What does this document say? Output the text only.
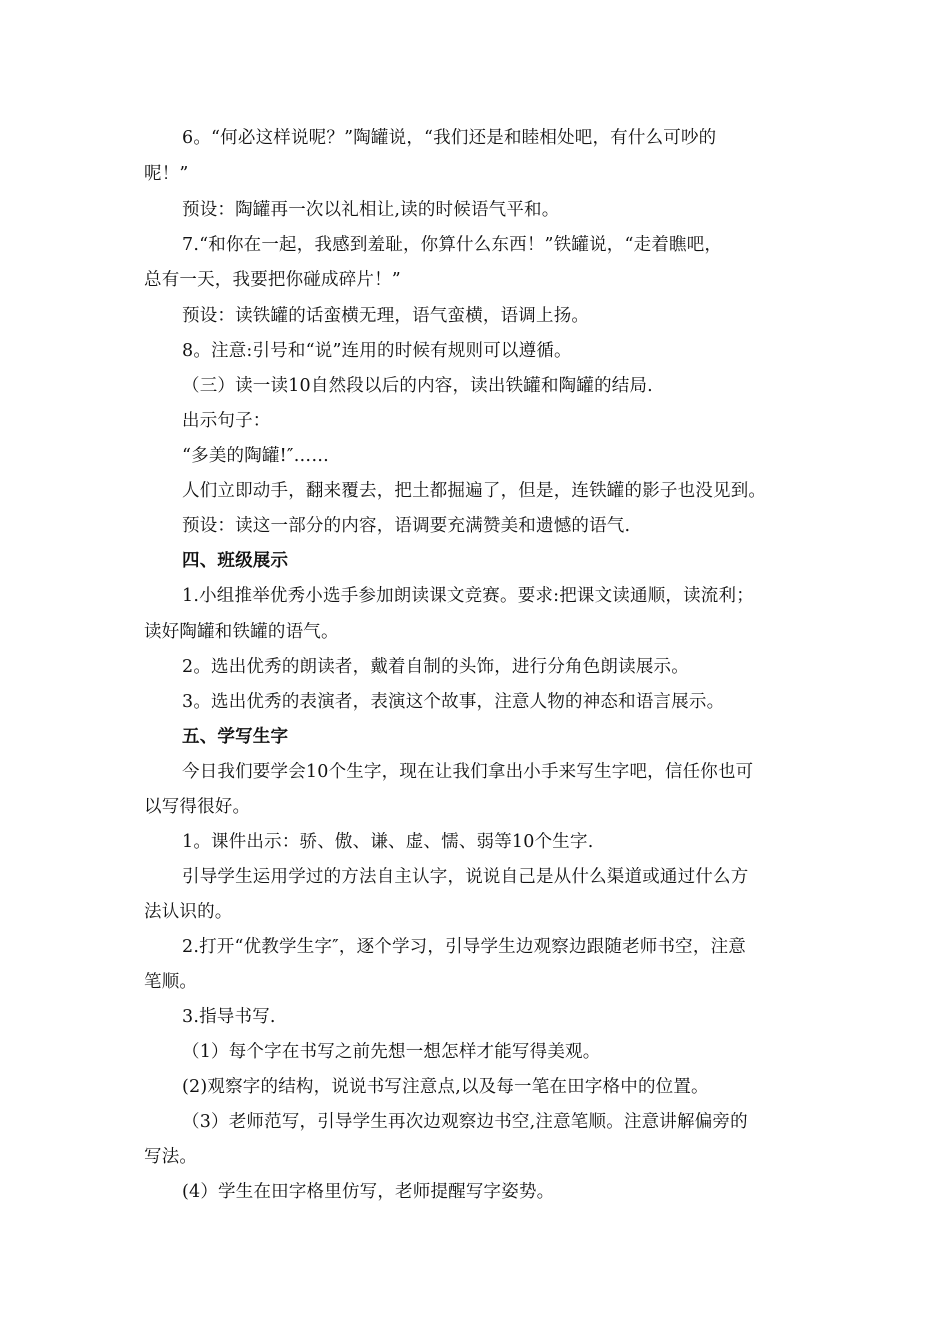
6。“何必这样说呢？”陶罐说，“我们还是和睦相处吧，有什么可吵的
呢！”
预设：陶罐再一次以礼相让,读的时候语气平和。
7.“和你在一起，我感到羞耻，你算什么东西！”铁罐说，“走着瞧吧，
总有一天，我要把你碰成碎片！”
预设：读铁罐的话蛮横无理，语气蛮横，语调上扬。
8。注意:引号和“说”连用的时候有规则可以遵循。
（三）读一读10自然段以后的内容，读出铁罐和陶罐的结局.
出示句子：
“多美的陶罐!″……
人们立即动手，翻来覆去，把土都掘遍了，但是，连铁罐的影子也没见到。
预设：读这一部分的内容，语调要充满赞美和遗憾的语气.
四、班级展示
1.小组推举优秀小选手参加朗读课文竞赛。要求:把课文读通顺，读流利；
读好陶罐和铁罐的语气。
2。选出优秀的朗读者，戴着自制的头饰，进行分角色朗读展示。
3。选出优秀的表演者，表演这个故事，注意人物的神态和语言展示。
五、学写生字
今日我们要学会10个生字，现在让我们拿出小手来写生字吧，信任你也可
以写得很好。
1。课件出示：骄、傲、谦、虚、懦、弱等10个生字.
引导学生运用学过的方法自主认字，说说自己是从什么渠道或通过什么方
法认识的。
2.打开“优教学生字″，逐个学习，引导学生边观察边跟随老师书空，注意
笔顺。
3.指导书写.
（1）每个字在书写之前先想一想怎样才能写得美观。
(2)观察字的结构，说说书写注意点,以及每一笔在田字格中的位置。
（3）老师范写，引导学生再次边观察边书空,注意笔顺。注意讲解偏旁的
写法。
(4）学生在田字格里仿写，老师提醒写字姿势。
